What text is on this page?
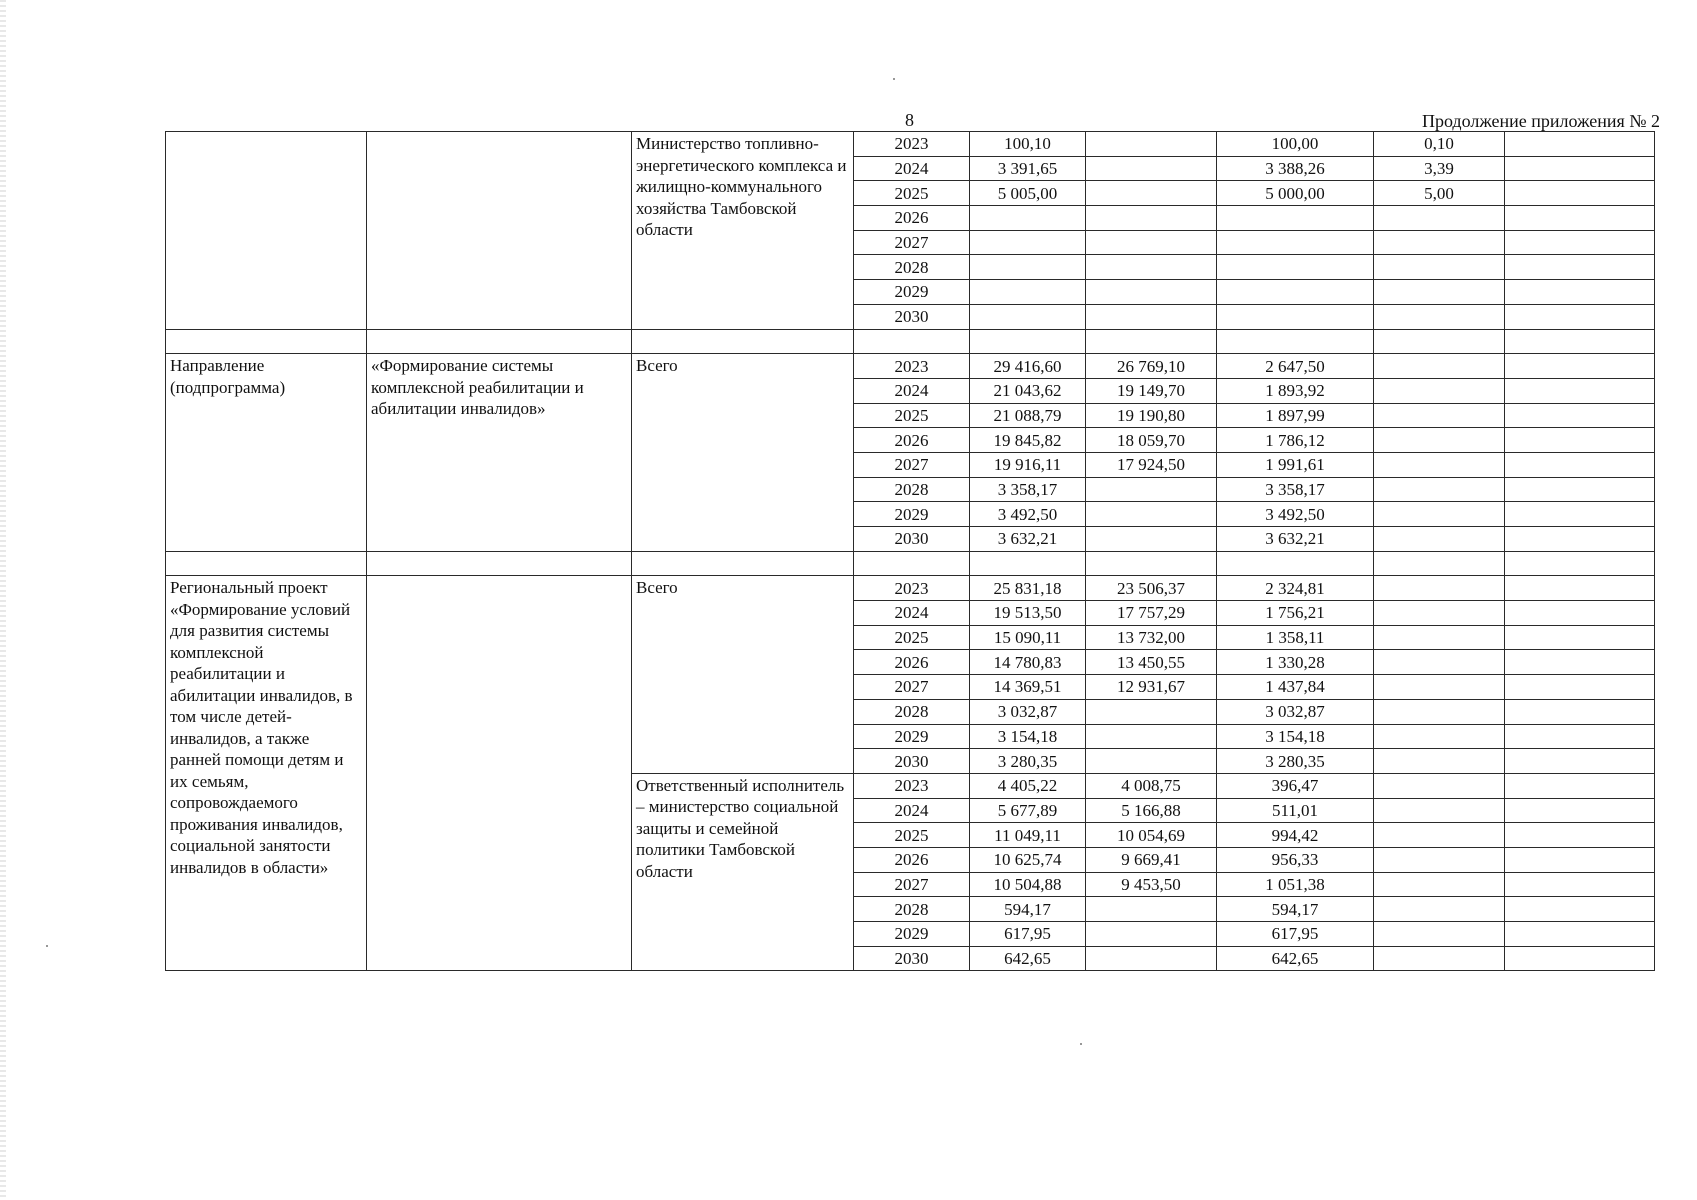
8	Продолжение приложения № 2
		Министерство топливно-энергетического комплекса и жилищно-коммунального хозяйства Тамбовской области	2023	100,10		100,00	0,10	
			2024	3 391,65		3 388,26	3,39	
			2025	5 005,00		5 000,00	5,00	
			2026					
			2027					
			2028					
			2029					
			2030					

Направление (подпрограмма)	«Формирование системы комплексной реабилитации и абилитации инвалидов»	Всего	2023	29 416,60	26 769,10	2 647,50		
			2024	21 043,62	19 149,70	1 893,92		
			2025	21 088,79	19 190,80	1 897,99		
			2026	19 845,82	18 059,70	1 786,12		
			2027	19 916,11	17 924,50	1 991,61		
			2028	3 358,17		3 358,17		
			2029	3 492,50		3 492,50		
			2030	3 632,21		3 632,21		

Региональный проект «Формирование условий для развития системы комплексной реабилитации и абилитации инвалидов, в том числе детей-инвалидов, а также ранней помощи детям и их семьям, сопровождаемого проживания инвалидов, социальной занятости инвалидов в области»		Всего	2023	25 831,18	23 506,37	2 324,81		
			2024	19 513,50	17 757,29	1 756,21		
			2025	15 090,11	13 732,00	1 358,11		
			2026	14 780,83	13 450,55	1 330,28		
			2027	14 369,51	12 931,67	1 437,84		
			2028	3 032,87		3 032,87		
			2029	3 154,18		3 154,18		
			2030	3 280,35		3 280,35		
		Ответственный исполнитель – министерство социальной защиты и семейной политики Тамбовской области	2023	4 405,22	4 008,75	396,47		
			2024	5 677,89	5 166,88	511,01		
			2025	11 049,11	10 054,69	994,42		
			2026	10 625,74	9 669,41	956,33		
			2027	10 504,88	9 453,50	1 051,38		
			2028	594,17		594,17		
			2029	617,95		617,95		
			2030	642,65		642,65		
